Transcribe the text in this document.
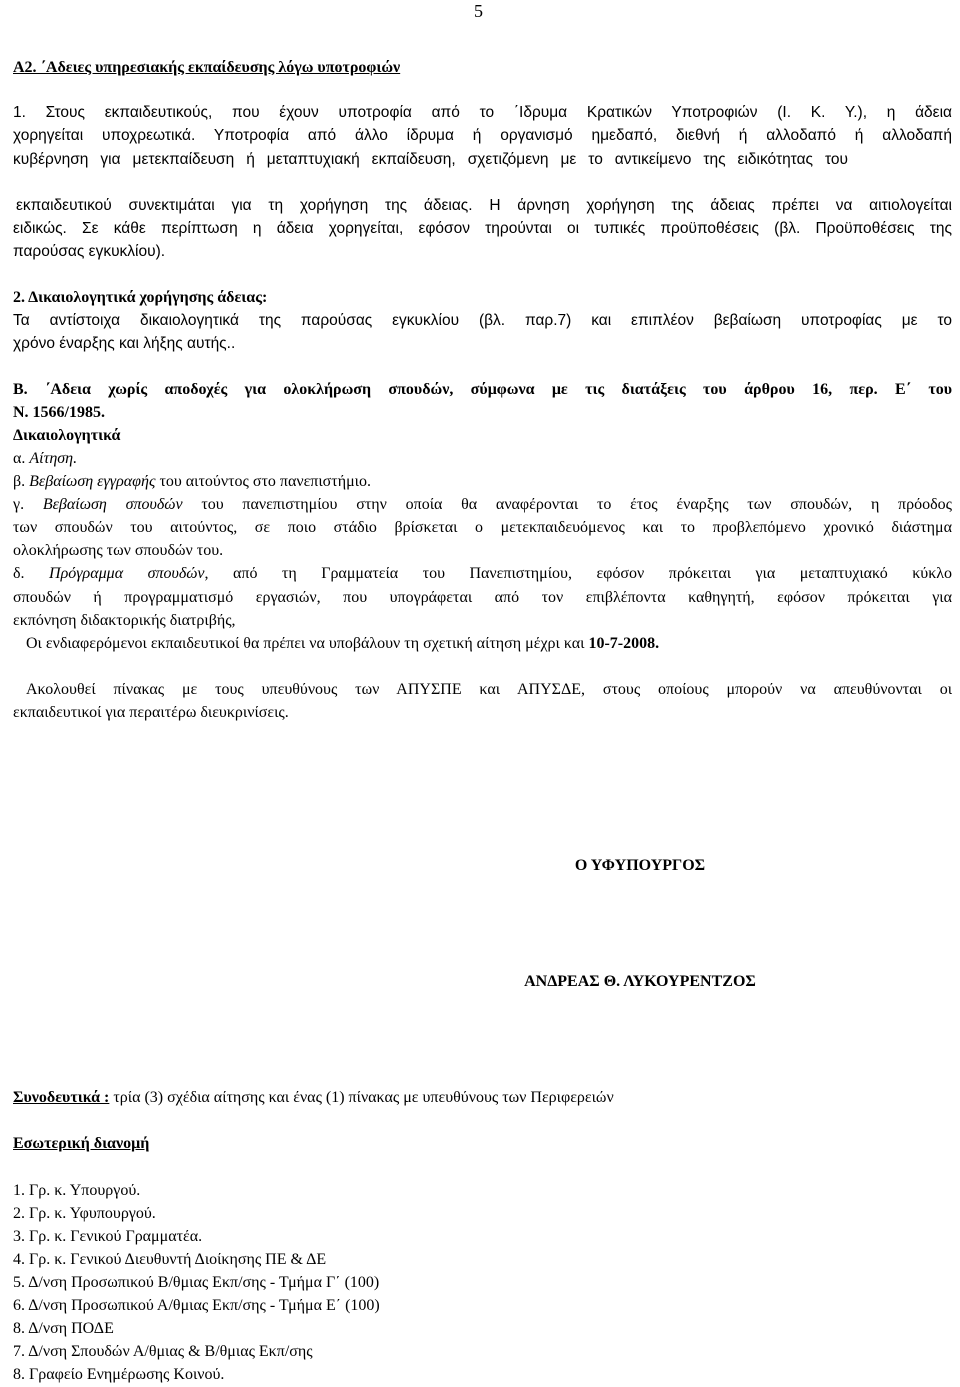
5
Α2. ΄Αδειες υπηρεσιακής εκπαίδευσης λόγω υποτροφιών
1. Στους εκπαιδευτικούς, που έχουν υποτροφία από το ΄Ιδρυμα Κρατικών Υποτροφιών (Ι. Κ. Υ.), η άδεια
χορηγείται υποχρεωτικά. Υποτροφία από άλλο ίδρυμα ή οργανισμό ημεδαπό, διεθνή ή αλλοδαπό ή αλλοδαπή
κυβέρνηση για μετεκπαίδευση ή μεταπτυχιακή εκπαίδευση, σχετιζόμενη με το αντικείμενο της ειδικότητας του
εκπαιδευτικού συνεκτιμάται για τη χορήγηση της άδειας. Η άρνηση χορήγηση της άδειας πρέπει να αιτιολογείται
ειδικώς. Σε κάθε περίπτωση η άδεια χορηγείται, εφόσον τηρούνται οι τυπικές προϋποθέσεις (βλ. Προϋποθέσεις της
παρούσας εγκυκλίου).
2. Δικαιολογητικά χορήγησης άδειας:
Τα αντίστοιχα δικαιολογητικά της παρούσας εγκυκλίου (βλ. παρ.7) και επιπλέον βεβαίωση υποτροφίας με το
χρόνο έναρξης και λήξης αυτής..
Β. ΄Αδεια χωρίς αποδοχές για ολοκλήρωση σπουδών, σύμφωνα με τις διατάξεις του άρθρου 16, περ. Ε΄ του
Ν. 1566/1985.
Δικαιολογητικά
α. Αίτηση.
β. Βεβαίωση εγγραφής του αιτούντος στο πανεπιστήμιο.
γ. Βεβαίωση σπουδών του πανεπιστημίου στην οποία θα αναφέρονται το έτος έναρξης των σπουδών, η πρόοδος
των σπουδών του αιτούντος, σε ποιο στάδιο βρίσκεται ο μετεκπαιδευόμενος και το προβλεπόμενο χρονικό διάστημα
ολοκλήρωσης των σπουδών του.
δ. Πρόγραμμα σπουδών, από τη Γραμματεία του Πανεπιστημίου, εφόσον πρόκειται για μεταπτυχιακό κύκλο
σπουδών ή προγραμματισμό εργασιών, που υπογράφεται από τον επιβλέποντα καθηγητή, εφόσον πρόκειται για
εκπόνηση διδακτορικής διατριβής,
Οι ενδιαφερόμενοι εκπαιδευτικοί θα πρέπει να υποβάλουν τη σχετική αίτηση μέχρι και 10-7-2008.
Ακολουθεί πίνακας με τους υπευθύνους των ΑΠΥΣΠΕ και ΑΠΥΣΔΕ, στους οποίους μπορούν να απευθύνονται οι
εκπαιδευτικοί για περαιτέρω διευκρινίσεις.
Ο ΥΦΥΠΟΥΡΓΟΣ
ΑΝΔΡΕΑΣ Θ. ΛΥΚΟΥΡΕΝΤΖΟΣ
Συνοδευτικά : τρία (3) σχέδια αίτησης και ένας (1) πίνακας με υπευθύνους των Περιφερειών
Εσωτερική διανομή
1. Γρ. κ. Υπουργού.
2. Γρ. κ. Υφυπουργού.
3. Γρ. κ. Γενικού Γραμματέα.
4. Γρ. κ. Γενικού Διευθυντή Διοίκησης ΠΕ & ΔΕ
5. Δ/νση Προσωπικού Β/θμιας Εκπ/σης - Τμήμα Γ΄ (100)
6. Δ/νση Προσωπικού Α/θμιας Εκπ/σης - Τμήμα Ε΄ (100)
8. Δ/νση ΠΟΔΕ
7. Δ/νση Σπουδών Α/θμιας & Β/θμιας Εκπ/σης
8. Γραφείο Ενημέρωσης Κοινού.
